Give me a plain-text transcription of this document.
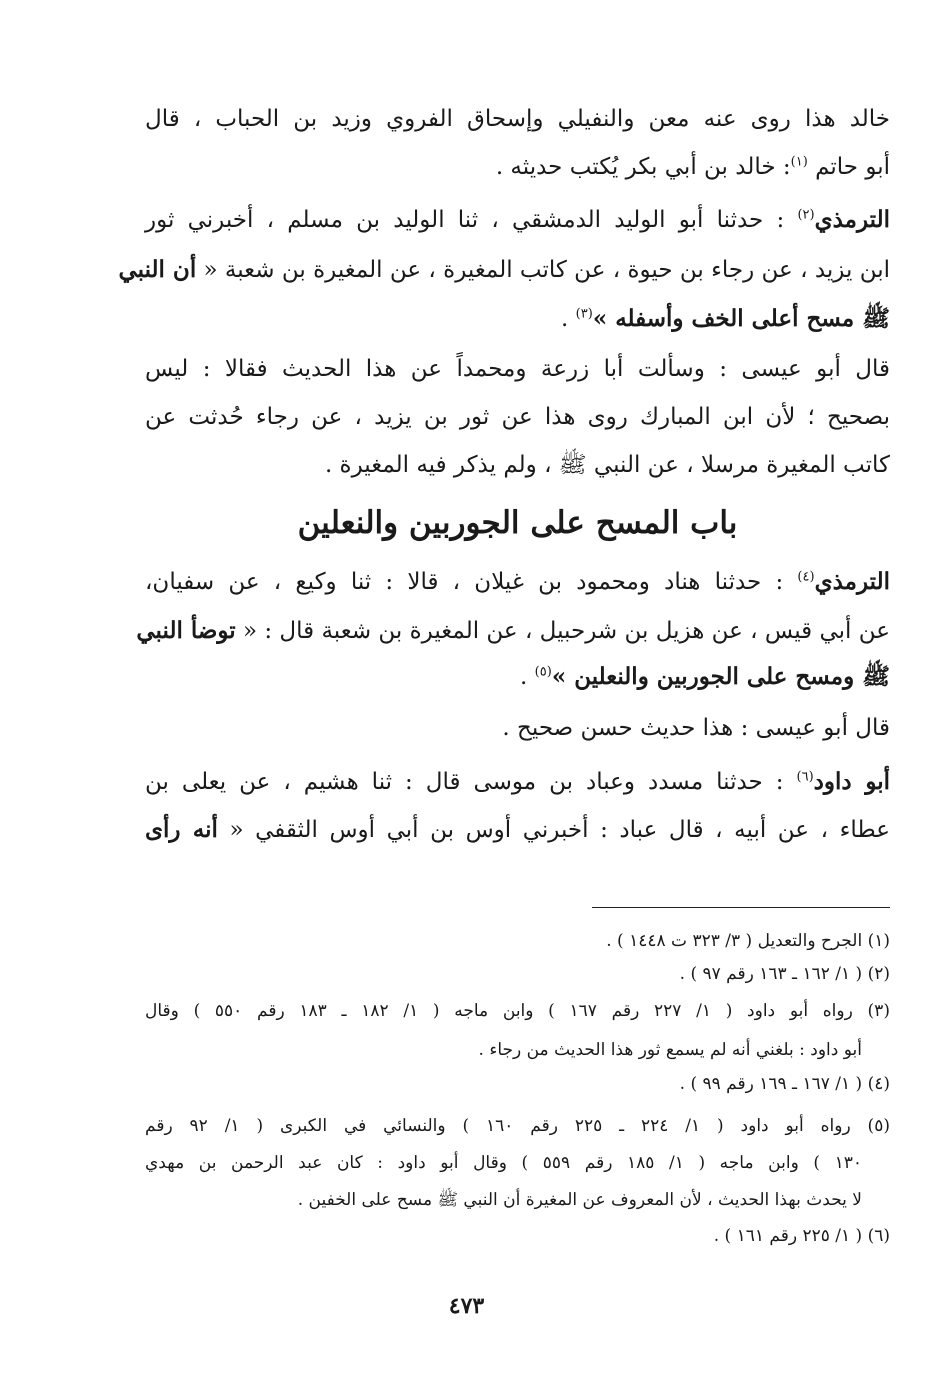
خالد هذا روى عنه معن والنفيلي وإسحاق الفروي وزيد بن الحباب ، قال
أبو حاتم $^{(١)}$: خالد بن أبي بكر يُكتب حديثه .
الترمذي$^{(٢)}$ : حدثنا أبو الوليد الدمشقي ، ثنا الوليد بن مسلم ، أخبرني ثور
ابن يزيد ، عن رجاء بن حيوة ، عن كاتب المغيرة ، عن المغيرة بن شعبة « أن النبي
ﷺ مسح أعلى الخف وأسفله »$^{(٣)}$ .
قال أبو عيسى : وسألت أبا زرعة ومحمداً عن هذا الحديث فقالا : ليس
بصحيح ؛ لأن ابن المبارك روى هذا عن ثور بن يزيد ، عن رجاء حُدثت عن
كاتب المغيرة مرسلا ، عن النبي ﷺ ، ولم يذكر فيه المغيرة .
باب المسح على الجوربين والنعلين
الترمذي$^{(٤)}$ : حدثنا هناد ومحمود بن غيلان ، قالا : ثنا وكيع ، عن سفيان،
عن أبي قيس ، عن هزيل بن شرحبيل ، عن المغيرة بن شعبة قال : « توضأ النبي
ﷺ ومسح على الجوربين والنعلين »$^{(٥)}$ .
قال أبو عيسى : هذا حديث حسن صحيح .
أبو داود$^{(٦)}$ : حدثنا مسدد وعباد بن موسى قال : ثنا هشيم ، عن يعلى بن
عطاء ، عن أبيه ، قال عباد : أخبرني أوس بن أبي أوس الثقفي « أنه رأى
(١) الجرح والتعديل ( ٣/ ٣٢٣ ت ١٤٤٨ ) .
(٢) ( ١/ ١٦٢ ـ ١٦٣ رقم ٩٧ ) .
(٣) رواه أبو داود ( ١/ ٢٢٧ رقم ١٦٧ ) وابن ماجه ( ١/ ١٨٢ ـ ١٨٣ رقم ٥٥٠ ) وقال
أبو داود : بلغني أنه لم يسمع ثور هذا الحديث من رجاء .
(٤) ( ١/ ١٦٧ ـ ١٦٩ رقم ٩٩ ) .
(٥) رواه أبو داود ( ١/ ٢٢٤ ـ ٢٢٥ رقم ١٦٠ ) والنسائي في الكبرى ( ١/ ٩٢ رقم
١٣٠ ) وابن ماجه ( ١/ ١٨٥ رقم ٥٥٩ ) وقال أبو داود : كان عبد الرحمن بن مهدي
لا يحدث بهذا الحديث ، لأن المعروف عن المغيرة أن النبي ﷺ مسح على الخفين .
(٦) ( ١/ ٢٢٥ رقم ١٦١ ) .
٤٧٣
